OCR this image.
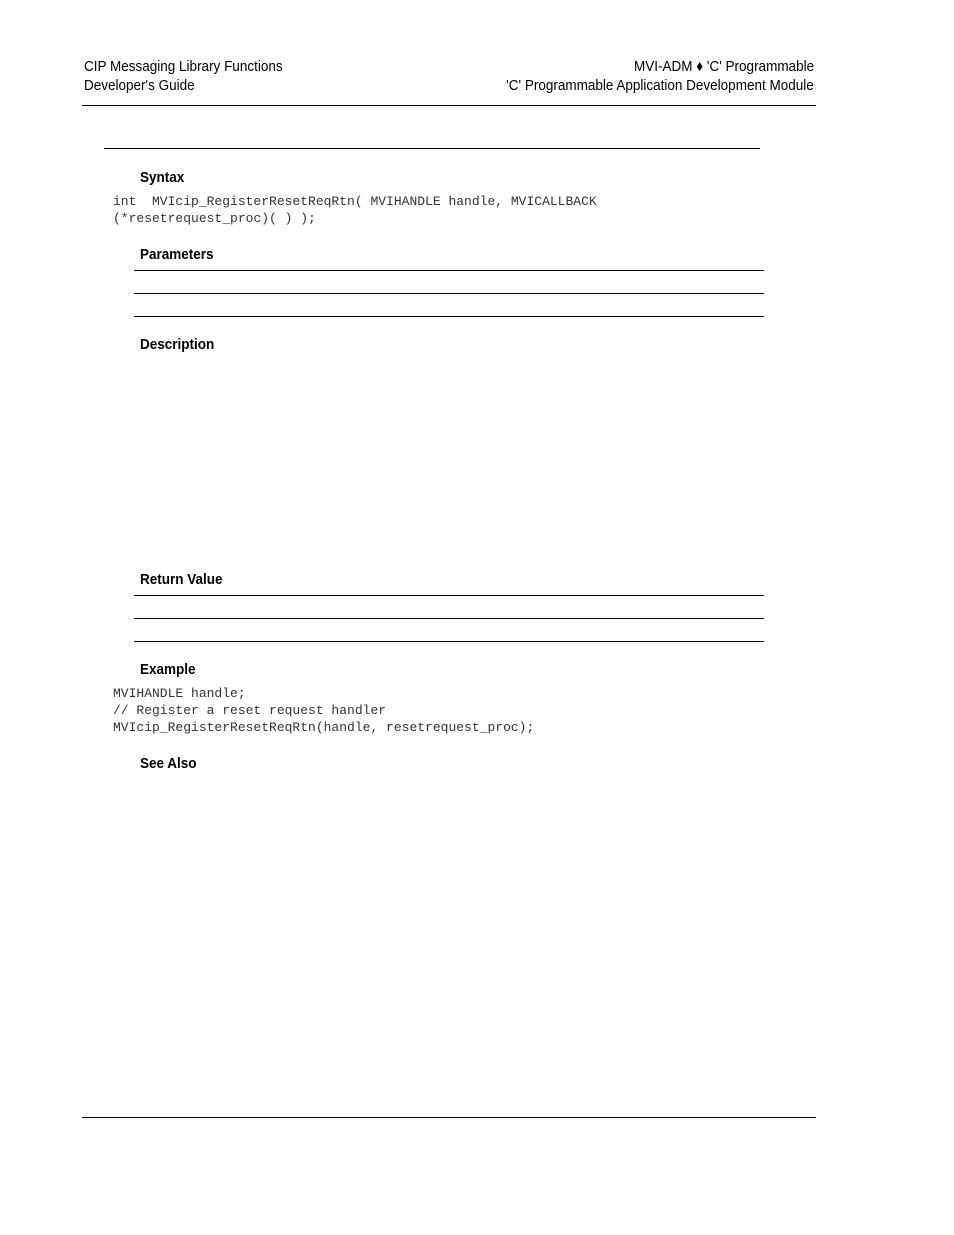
CIP Messaging Library Functions
Developer's Guide
MVI-ADM ♦ 'C' Programmable
'C' Programmable Application Development Module
Syntax
int  MVIcip_RegisterResetReqRtn( MVIHANDLE handle, MVICALLBACK
(*resetrequest_proc)( ) );
Parameters
Description
Return Value
Example
MVIHANDLE handle;
// Register a reset request handler
MVIcip_RegisterResetReqRtn(handle, resetrequest_proc);
See Also
